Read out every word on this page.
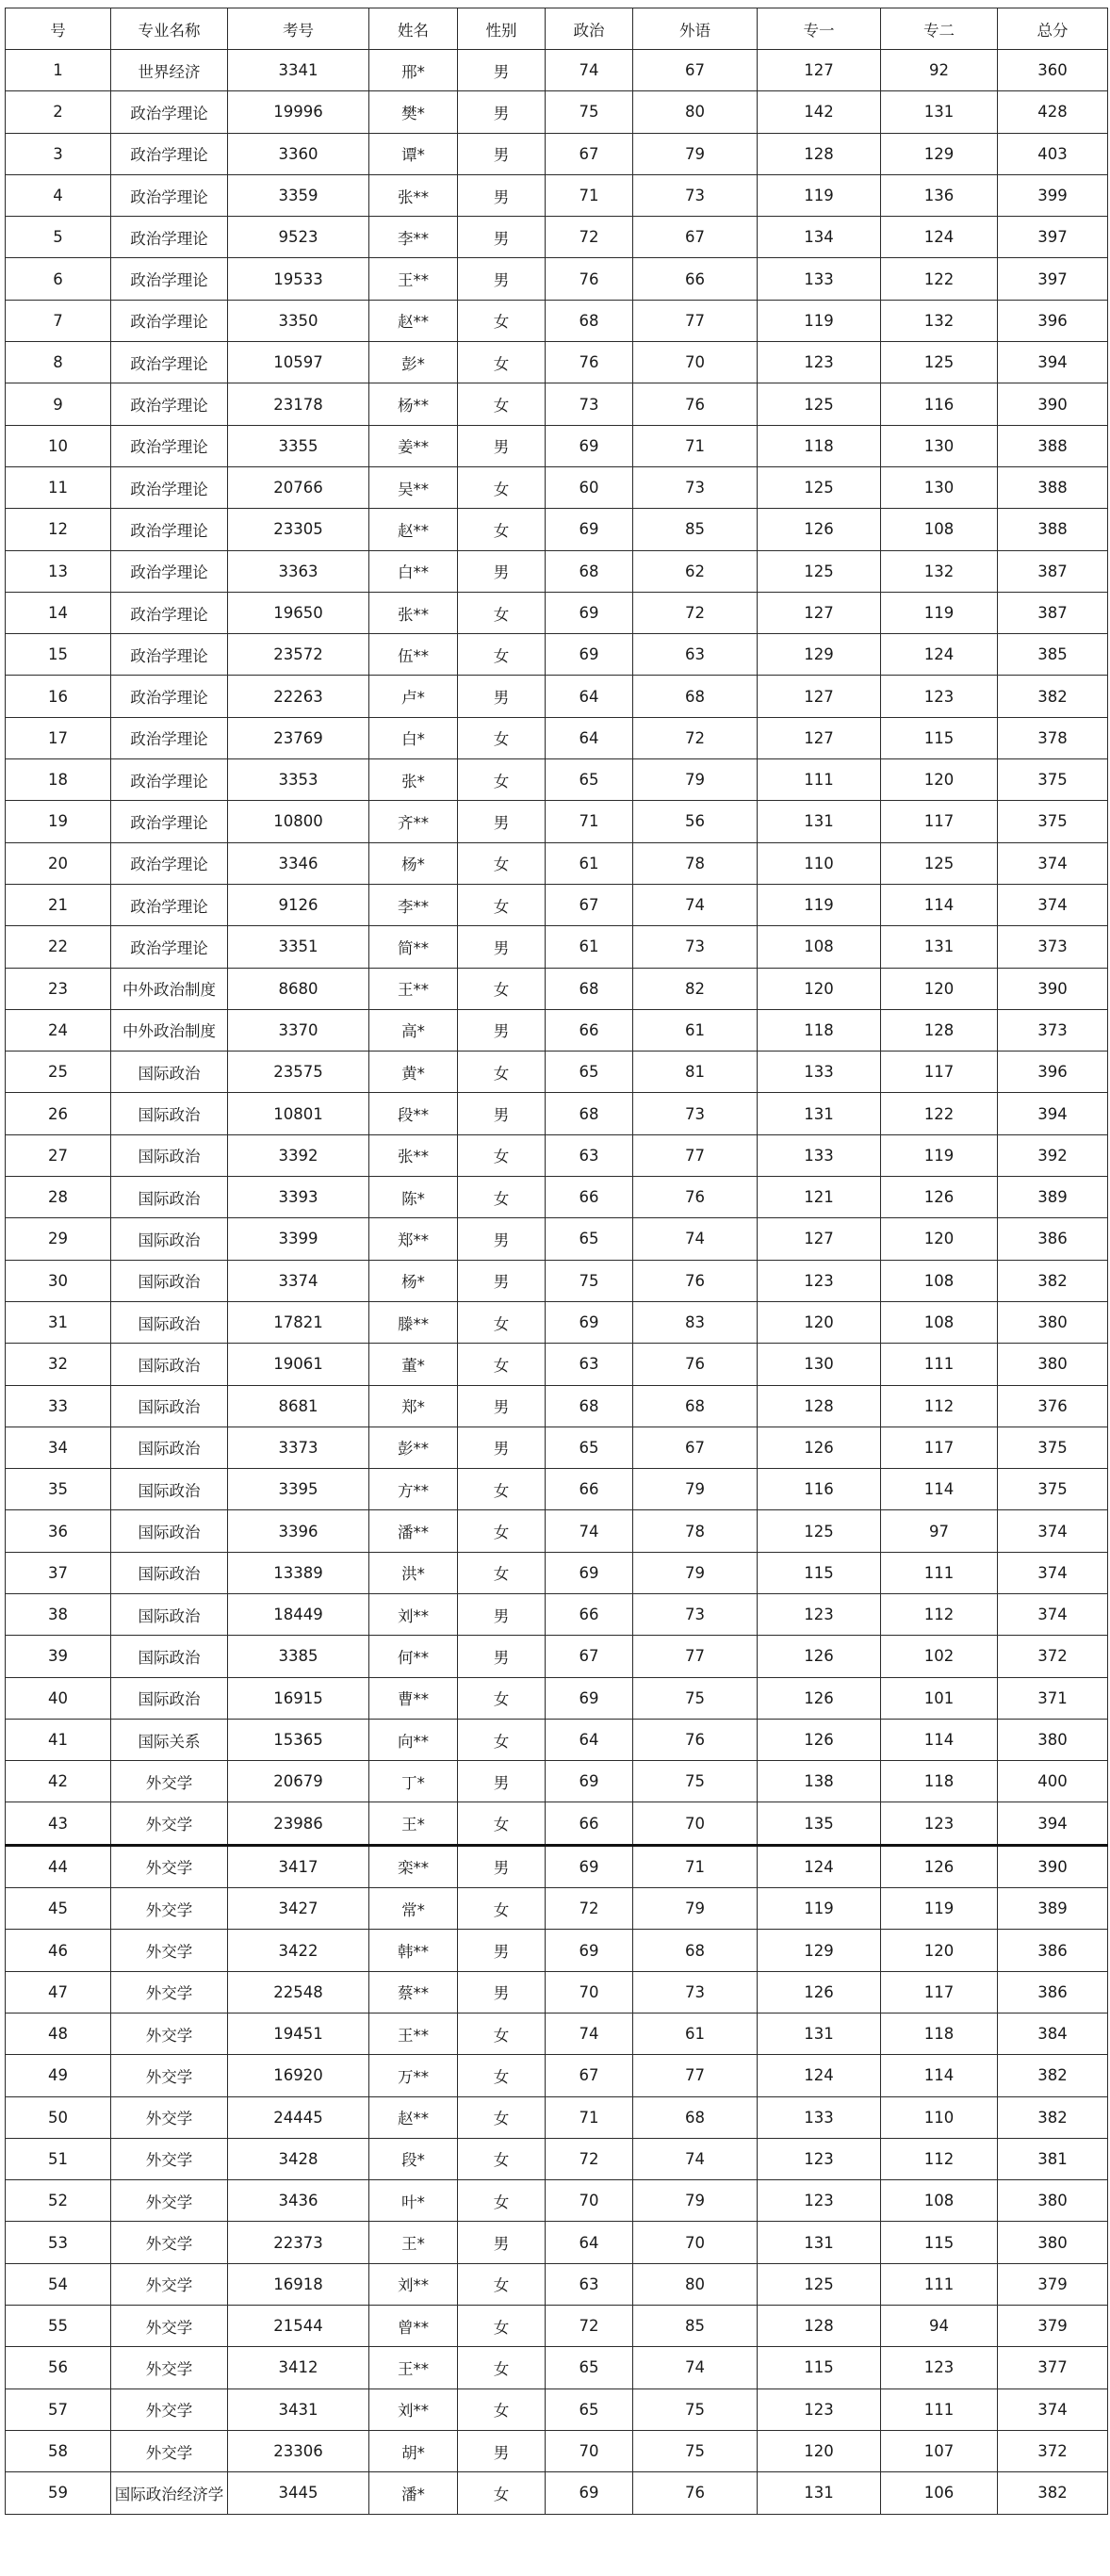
号	专业名称	考号	姓名	性别	政治	外语	专一	专二	总分
1	世界经济	3341	邢*	男	74	67	127	92	360
2	政治学理论	19996	樊*	男	75	80	142	131	428
3	政治学理论	3360	谭*	男	67	79	128	129	403
4	政治学理论	3359	张**	男	71	73	119	136	399
5	政治学理论	9523	李**	男	72	67	134	124	397
6	政治学理论	19533	王**	男	76	66	133	122	397
7	政治学理论	3350	赵**	女	68	77	119	132	396
8	政治学理论	10597	彭*	女	76	70	123	125	394
9	政治学理论	23178	杨**	女	73	76	125	116	390
10	政治学理论	3355	姜**	男	69	71	118	130	388
11	政治学理论	20766	吴**	女	60	73	125	130	388
12	政治学理论	23305	赵**	女	69	85	126	108	388
13	政治学理论	3363	白**	男	68	62	125	132	387
14	政治学理论	19650	张**	女	69	72	127	119	387
15	政治学理论	23572	伍**	女	69	63	129	124	385
16	政治学理论	22263	卢*	男	64	68	127	123	382
17	政治学理论	23769	白*	女	64	72	127	115	378
18	政治学理论	3353	张*	女	65	79	111	120	375
19	政治学理论	10800	齐**	男	71	56	131	117	375
20	政治学理论	3346	杨*	女	61	78	110	125	374
21	政治学理论	9126	李**	女	67	74	119	114	374
22	政治学理论	3351	简**	男	61	73	108	131	373
23	中外政治制度	8680	王**	女	68	82	120	120	390
24	中外政治制度	3370	高*	男	66	61	118	128	373
25	国际政治	23575	黄*	女	65	81	133	117	396
26	国际政治	10801	段**	男	68	73	131	122	394
27	国际政治	3392	张**	女	63	77	133	119	392
28	国际政治	3393	陈*	女	66	76	121	126	389
29	国际政治	3399	郑**	男	65	74	127	120	386
30	国际政治	3374	杨*	男	75	76	123	108	382
31	国际政治	17821	滕**	女	69	83	120	108	380
32	国际政治	19061	董*	女	63	76	130	111	380
33	国际政治	8681	郑*	男	68	68	128	112	376
34	国际政治	3373	彭**	男	65	67	126	117	375
35	国际政治	3395	方**	女	66	79	116	114	375
36	国际政治	3396	潘**	女	74	78	125	97	374
37	国际政治	13389	洪*	女	69	79	115	111	374
38	国际政治	18449	刘**	男	66	73	123	112	374
39	国际政治	3385	何**	男	67	77	126	102	372
40	国际政治	16915	曹**	女	69	75	126	101	371
41	国际关系	15365	向**	女	64	76	126	114	380
42	外交学	20679	丁*	男	69	75	138	118	400
43	外交学	23986	王*	女	66	70	135	123	394
44	外交学	3417	栾**	男	69	71	124	126	390
45	外交学	3427	常*	女	72	79	119	119	389
46	外交学	3422	韩**	男	69	68	129	120	386
47	外交学	22548	蔡**	男	70	73	126	117	386
48	外交学	19451	王**	女	74	61	131	118	384
49	外交学	16920	万**	女	67	77	124	114	382
50	外交学	24445	赵**	女	71	68	133	110	382
51	外交学	3428	段*	女	72	74	123	112	381
52	外交学	3436	叶*	女	70	79	123	108	380
53	外交学	22373	王*	男	64	70	131	115	380
54	外交学	16918	刘**	女	63	80	125	111	379
55	外交学	21544	曾**	女	72	85	128	94	379
56	外交学	3412	王**	女	65	74	115	123	377
57	外交学	3431	刘**	女	65	75	123	111	374
58	外交学	23306	胡*	男	70	75	120	107	372
59	国际政治经济学	3445	潘*	女	69	76	131	106	382
